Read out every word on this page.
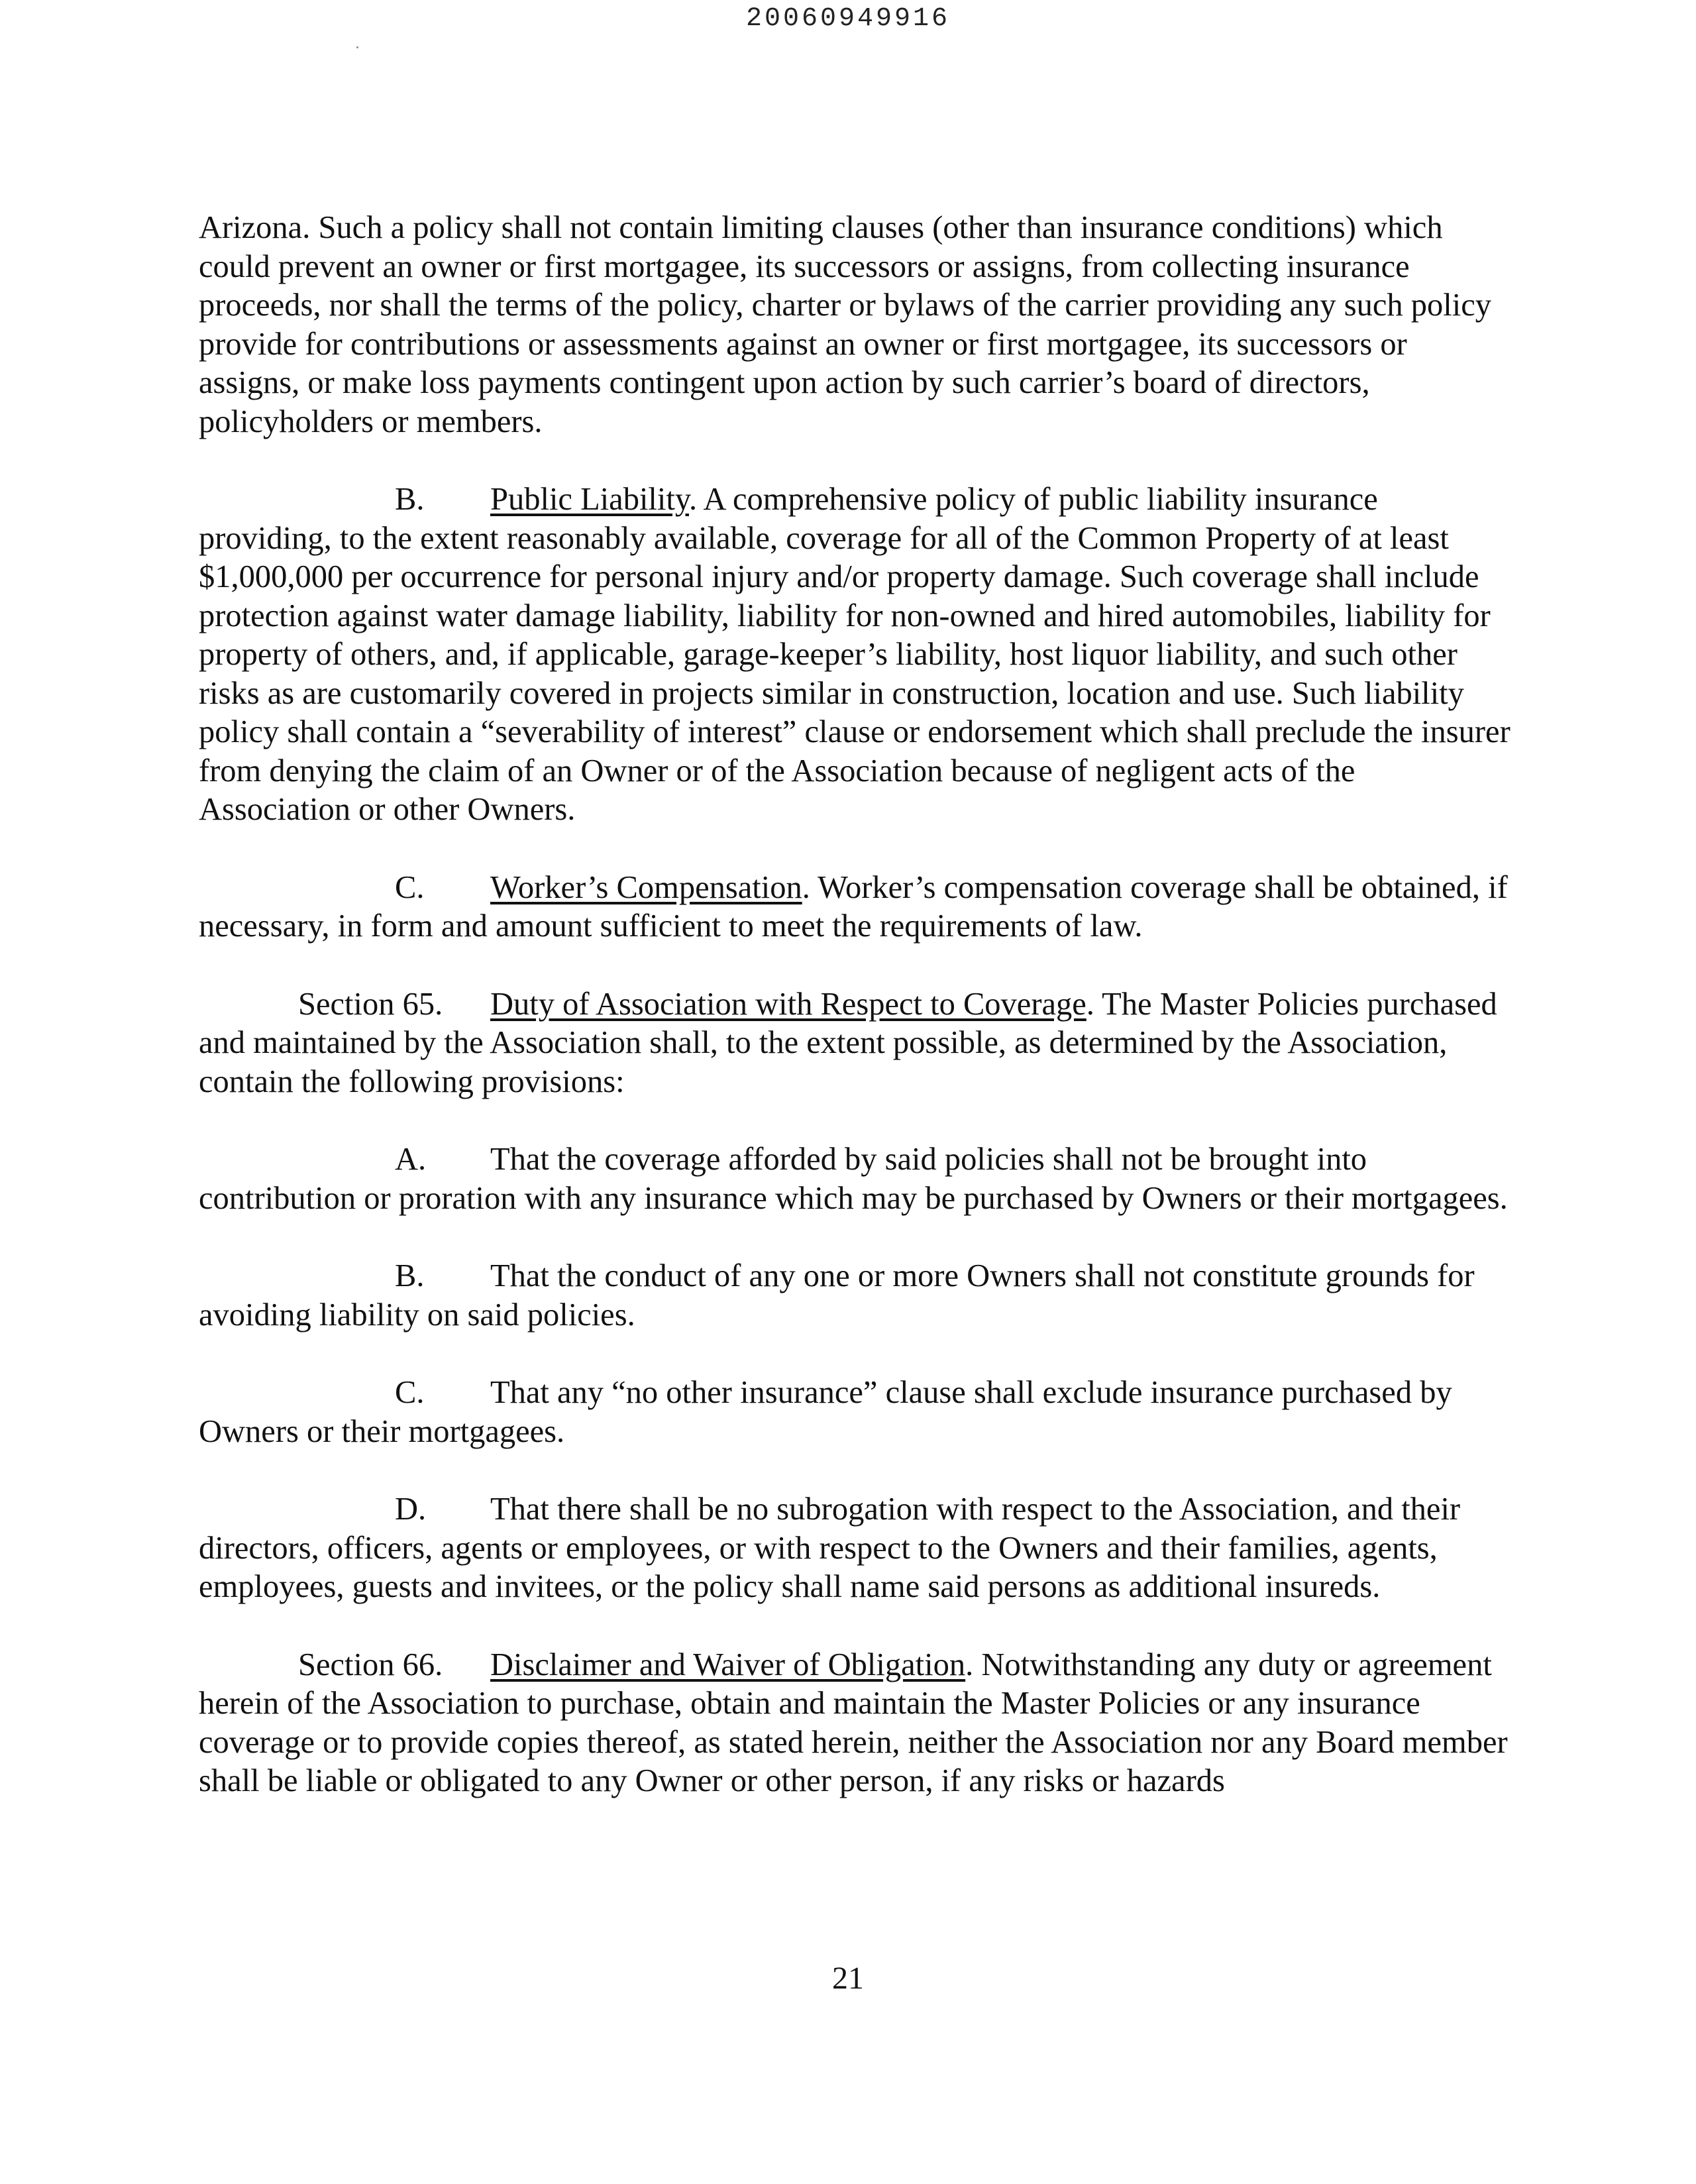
20060949916

Arizona. Such a policy shall not contain limiting clauses (other than insurance conditions) which could prevent an owner or first mortgagee, its successors or assigns, from collecting insurance proceeds, nor shall the terms of the policy, charter or bylaws of the carrier providing any such policy provide for contributions or assessments against an owner or first mortgagee, its successors or assigns, or make loss payments contingent upon action by such carrier’s board of directors, policyholders or members.

B. Public Liability. A comprehensive policy of public liability insurance providing, to the extent reasonably available, coverage for all of the Common Property of at least $1,000,000 per occurrence for personal injury and/or property damage. Such coverage shall include protection against water damage liability, liability for non-owned and hired automobiles, liability for property of others, and, if applicable, garage-keeper’s liability, host liquor liability, and such other risks as are customarily covered in projects similar in construction, location and use. Such liability policy shall contain a “severability of interest” clause or endorsement which shall preclude the insurer from denying the claim of an Owner or of the Association because of negligent acts of the Association or other Owners.

C. Worker’s Compensation. Worker’s compensation coverage shall be obtained, if necessary, in form and amount sufficient to meet the requirements of law.

Section 65. Duty of Association with Respect to Coverage. The Master Policies purchased and maintained by the Association shall, to the extent possible, as determined by the Association, contain the following provisions:

A. That the coverage afforded by said policies shall not be brought into contribution or proration with any insurance which may be purchased by Owners or their mortgagees.

B. That the conduct of any one or more Owners shall not constitute grounds for avoiding liability on said policies.

C. That any “no other insurance” clause shall exclude insurance purchased by Owners or their mortgagees.

D. That there shall be no subrogation with respect to the Association, and their directors, officers, agents or employees, or with respect to the Owners and their families, agents, employees, guests and invitees, or the policy shall name said persons as additional insureds.

Section 66. Disclaimer and Waiver of Obligation. Notwithstanding any duty or agreement herein of the Association to purchase, obtain and maintain the Master Policies or any insurance coverage or to provide copies thereof, as stated herein, neither the Association nor any Board member shall be liable or obligated to any Owner or other person, if any risks or hazards

21
